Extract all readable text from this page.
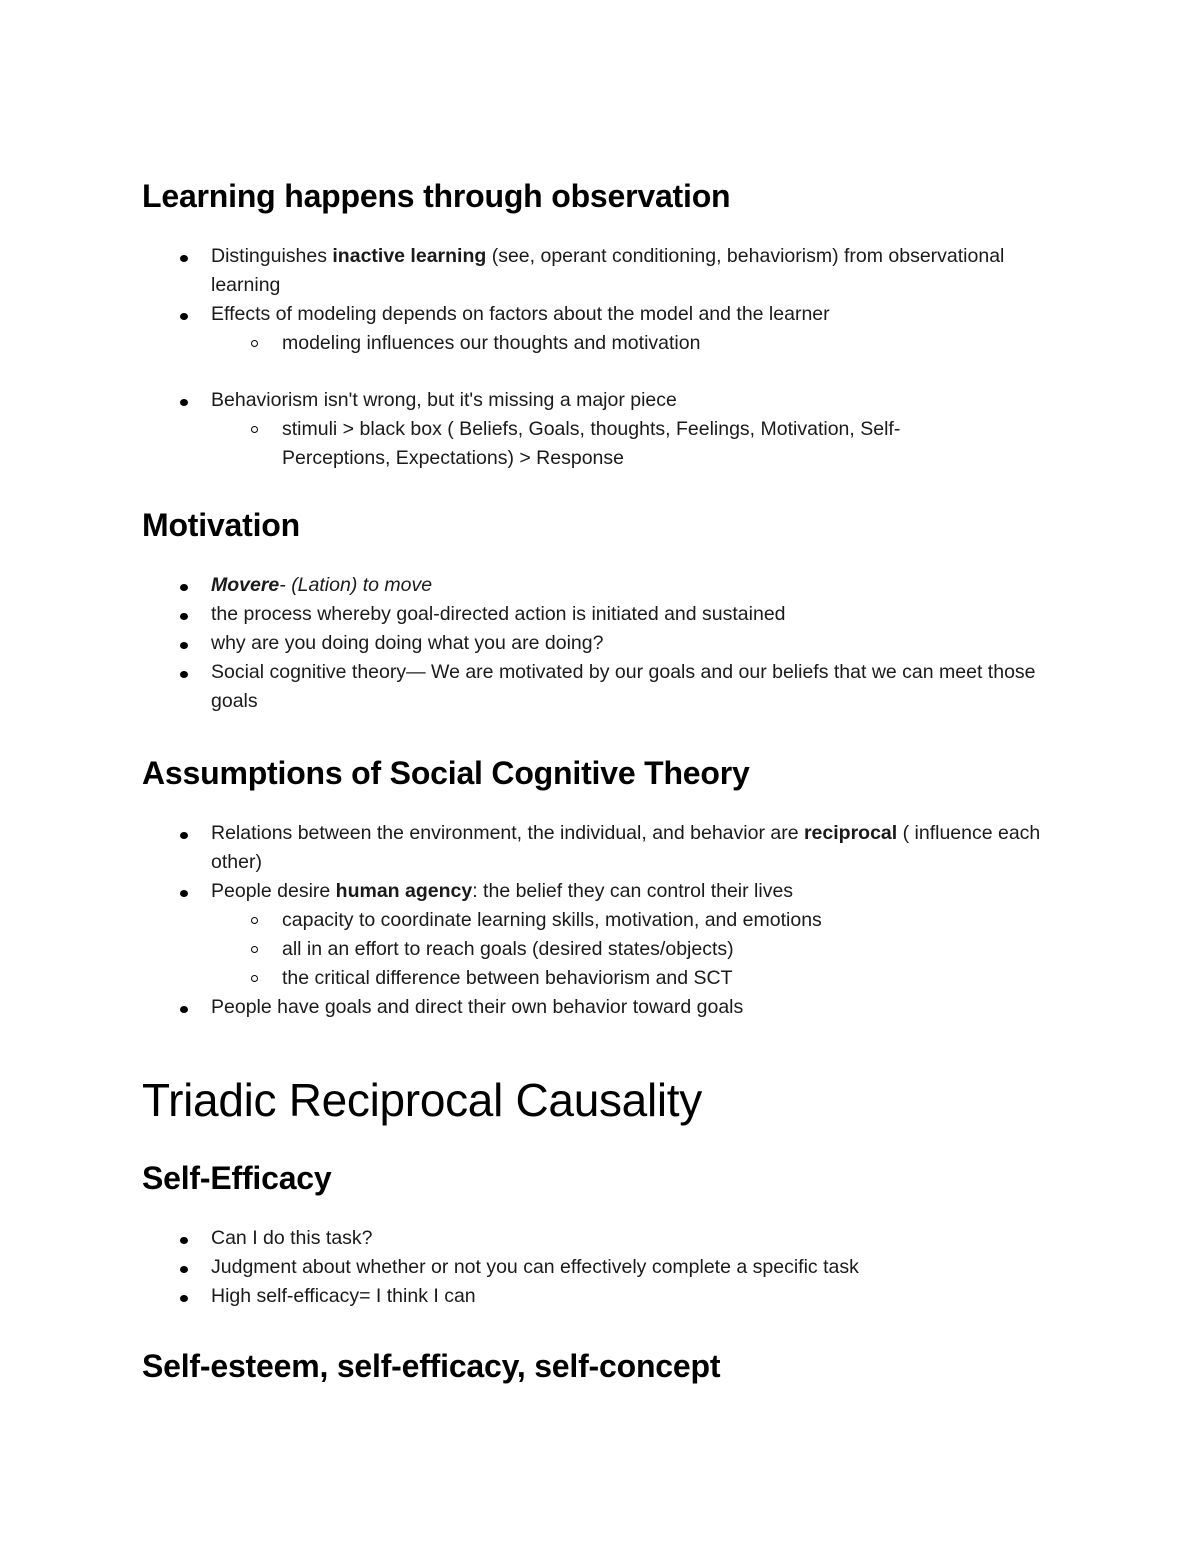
Learning happens through observation
Distinguishes inactive learning (see, operant conditioning, behaviorism) from observational learning
Effects of modeling depends on factors about the model and the learner
modeling influences our thoughts and motivation
Behaviorism isn't wrong, but it's missing a major piece
stimuli > black box ( Beliefs, Goals, thoughts, Feelings, Motivation, Self-Perceptions, Expectations) > Response
Motivation
Movere- (Lation) to move
the process whereby goal-directed action is initiated and sustained
why are you doing doing what you are doing?
Social cognitive theory— We are motivated by our goals and our beliefs that we can meet those goals
Assumptions of Social Cognitive Theory
Relations between the environment, the individual, and behavior are reciprocal ( influence each other)
People desire human agency: the belief they can control their lives
capacity to coordinate learning skills, motivation, and emotions
all in an effort to reach goals (desired states/objects)
the critical difference between behaviorism and SCT
People have goals and direct their own behavior toward goals
Triadic Reciprocal Causality
Self-Efficacy
Can I do this task?
Judgment about whether or not you can effectively complete a specific task
High self-efficacy= I think I can
Self-esteem, self-efficacy, self-concept
